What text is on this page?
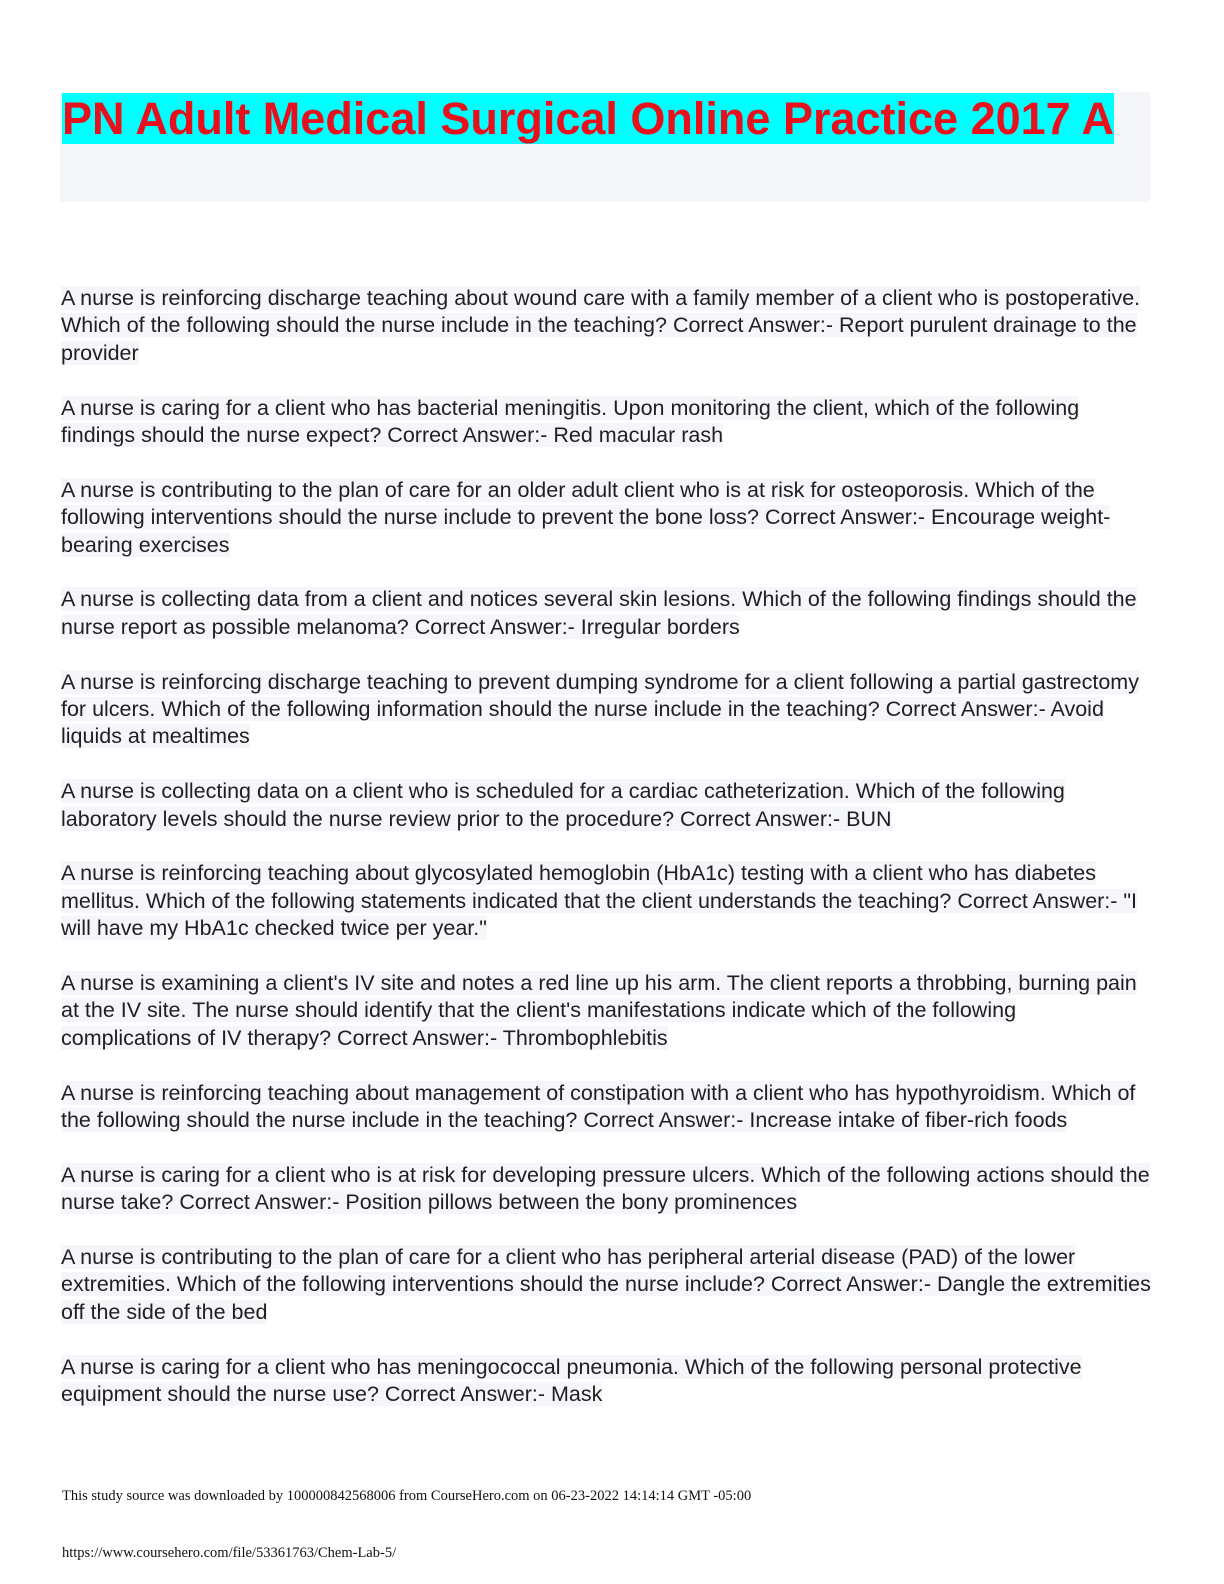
PN Adult Medical Surgical Online Practice 2017 A

A nurse is reinforcing discharge teaching about wound care with a family member of a client who is postoperative. Which of the following should the nurse include in the teaching? Correct Answer:- Report purulent drainage to the provider

A nurse is caring for a client who has bacterial meningitis. Upon monitoring the client, which of the following findings should the nurse expect? Correct Answer:- Red macular rash

A nurse is contributing to the plan of care for an older adult client who is at risk for osteoporosis. Which of the following interventions should the nurse include to prevent the bone loss? Correct Answer:- Encourage weight-bearing exercises

A nurse is collecting data from a client and notices several skin lesions. Which of the following findings should the nurse report as possible melanoma? Correct Answer:- Irregular borders

A nurse is reinforcing discharge teaching to prevent dumping syndrome for a client following a partial gastrectomy for ulcers. Which of the following information should the nurse include in the teaching? Correct Answer:- Avoid liquids at mealtimes

A nurse is collecting data on a client who is scheduled for a cardiac catheterization. Which of the following laboratory levels should the nurse review prior to the procedure? Correct Answer:- BUN

A nurse is reinforcing teaching about glycosylated hemoglobin (HbA1c) testing with a client who has diabetes mellitus. Which of the following statements indicated that the client understands the teaching? Correct Answer:- "I will have my HbA1c checked twice per year."

A nurse is examining a client's IV site and notes a red line up his arm. The client reports a throbbing, burning pain at the IV site. The nurse should identify that the client's manifestations indicate which of the following complications of IV therapy? Correct Answer:- Thrombophlebitis

A nurse is reinforcing teaching about management of constipation with a client who has hypothyroidism. Which of the following should the nurse include in the teaching? Correct Answer:- Increase intake of fiber-rich foods

A nurse is caring for a client who is at risk for developing pressure ulcers. Which of the following actions should the nurse take? Correct Answer:- Position pillows between the bony prominences

A nurse is contributing to the plan of care for a client who has peripheral arterial disease (PAD) of the lower extremities. Which of the following interventions should the nurse include? Correct Answer:- Dangle the extremities off the side of the bed

A nurse is caring for a client who has meningococcal pneumonia. Which of the following personal protective equipment should the nurse use? Correct Answer:- Mask

This study source was downloaded by 100000842568006 from CourseHero.com on 06-23-2022 14:14:14 GMT -05:00
https://www.coursehero.com/file/53361763/Chem-Lab-5/
